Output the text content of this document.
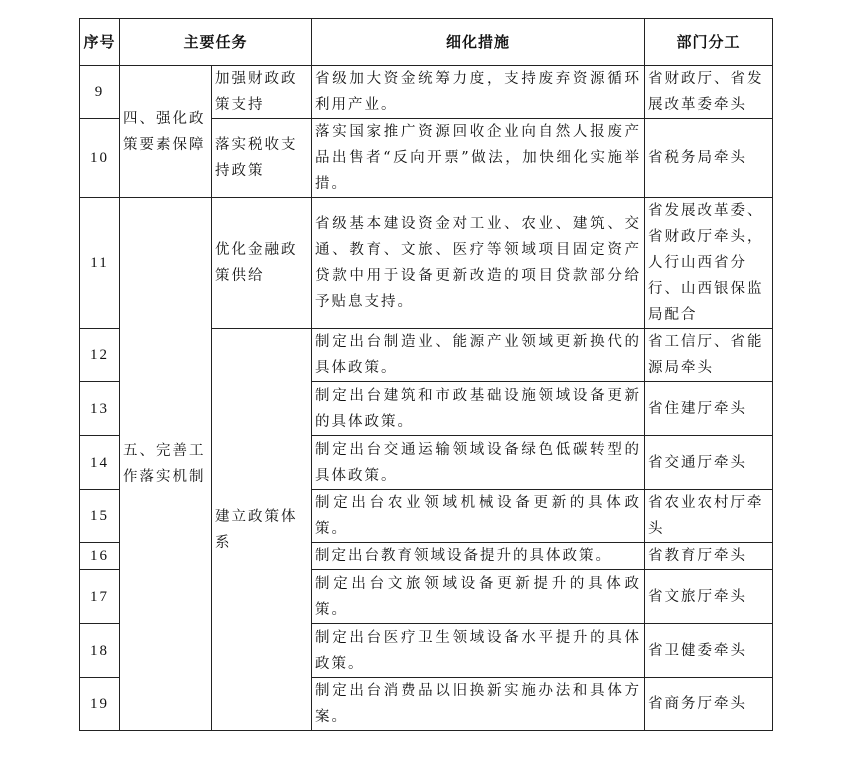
序号	主要任务		细化措施	部门分工
9	四、强化政策要素保障	加强财政政策支持	省级加大资金统筹力度，支持废弃资源循环利用产业。	省财政厅、省发展改革委牵头
10		落实税收支持政策	落实国家推广资源回收企业向自然人报废产品出售者“反向开票”做法，加快细化实施举措。	省税务局牵头
11	五、完善工作落实机制	优化金融政策供给	省级基本建设资金对工业、农业、建筑、交通、教育、文旅、医疗等领域项目固定资产贷款中用于设备更新改造的项目贷款部分给予贴息支持。	省发展改革委、省财政厅牵头，人行山西省分行、山西银保监局配合
12		建立政策体系	制定出台制造业、能源产业领域更新换代的具体政策。	省工信厅、省能源局牵头
13			制定出台建筑和市政基础设施领域设备更新的具体政策。	省住建厅牵头
14			制定出台交通运输领域设备绿色低碳转型的具体政策。	省交通厅牵头
15			制定出台农业领域机械设备更新的具体政策。	省农业农村厅牵头
16			制定出台教育领域设备提升的具体政策。	省教育厅牵头
17			制定出台文旅领域设备更新提升的具体政策。	省文旅厅牵头
18			制定出台医疗卫生领域设备水平提升的具体政策。	省卫健委牵头
19			制定出台消费品以旧换新实施办法和具体方案。	省商务厅牵头
